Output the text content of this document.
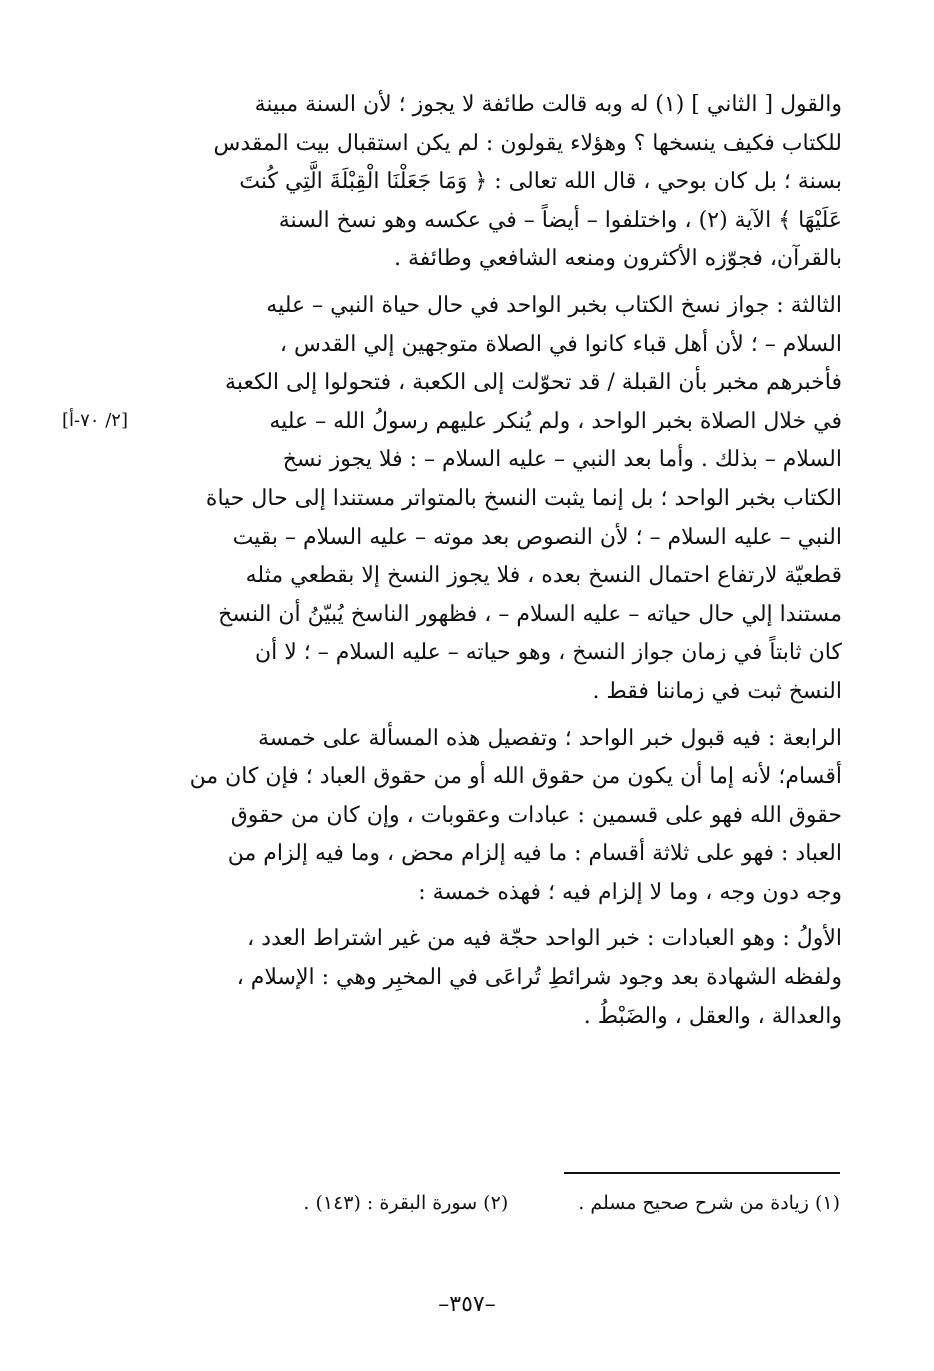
والقول [ الثاني ] (١) له وبه قالت طائفة لا يجوز ؛ لأن السنة مبينة
للكتاب فكيف ينسخها ؟ وهؤلاء يقولون : لم يكن استقبال بيت المقدس
بسنة ؛ بل كان بوحي ، قال الله تعالى : ﴿ وَمَا جَعَلْنَا الْقِبْلَةَ الَّتِي كُنتَ
عَلَيْهَا ﴾ الآية (٢) ، واختلفوا – أيضاً – في عكسه وهو نسخ السنة
بالقرآن، فجوّزه الأكثرون ومنعه الشافعي وطائفة .

الثالثة : جواز نسخ الكتاب بخبر الواحد في حال حياة النبي – عليه
السلام – ؛ لأن أهل قباء كانوا في الصلاة متوجهين إلي القدس ،
فأخبرهم مخبر بأن القبلة / قد تحوّلت إلى الكعبة ، فتحولوا إلى الكعبة
في خلال الصلاة بخبر الواحد ، ولم يُنكر عليهم رسولُ الله – عليه
السلام – بذلك . وأما بعد النبي – عليه السلام – : فلا يجوز نسخ
الكتاب بخبر الواحد ؛ بل إنما يثبت النسخ بالمتواتر مستندا إلى حال حياة
النبي – عليه السلام – ؛ لأن النصوص بعد موته – عليه السلام – بقيت
قطعيّة لارتفاع احتمال النسخ بعده ، فلا يجوز النسخ إلا بقطعي مثله
مستندا إلي حال حياته – عليه السلام – ، فظهور الناسخ يُبيّنُ أن النسخ
كان ثابتاً في زمان جواز النسخ ، وهو حياته – عليه السلام – ؛ لا أن
النسخ ثبت في زماننا فقط .

الرابعة : فيه قبول خبر الواحد ؛ وتفصيل هذه المسألة على خمسة
أقسام؛ لأنه إما أن يكون من حقوق الله أو من حقوق العباد ؛ فإن كان من
حقوق الله فهو على قسمين : عبادات وعقوبات ، وإن كان من حقوق
العباد : فهو على ثلاثة أقسام : ما فيه إلزام محض ، وما فيه إلزام من
وجه دون وجه ، وما لا إلزام فيه ؛ فهذه خمسة :

الأولُ : وهو العبادات : خبر الواحد حجّة فيه من غير اشتراط العدد ،
ولفظه الشهادة بعد وجود شرائطِ تُراعَى في المخبِر وهي : الإسلام ،
والعدالة ، والعقل ، والضَبْطُ .

[٢/ ٧٠-أ]
(١) زيادة من شرح صحيح مسلم .
(٢) سورة البقرة : (١٤٣) .
–٣٥٧–
